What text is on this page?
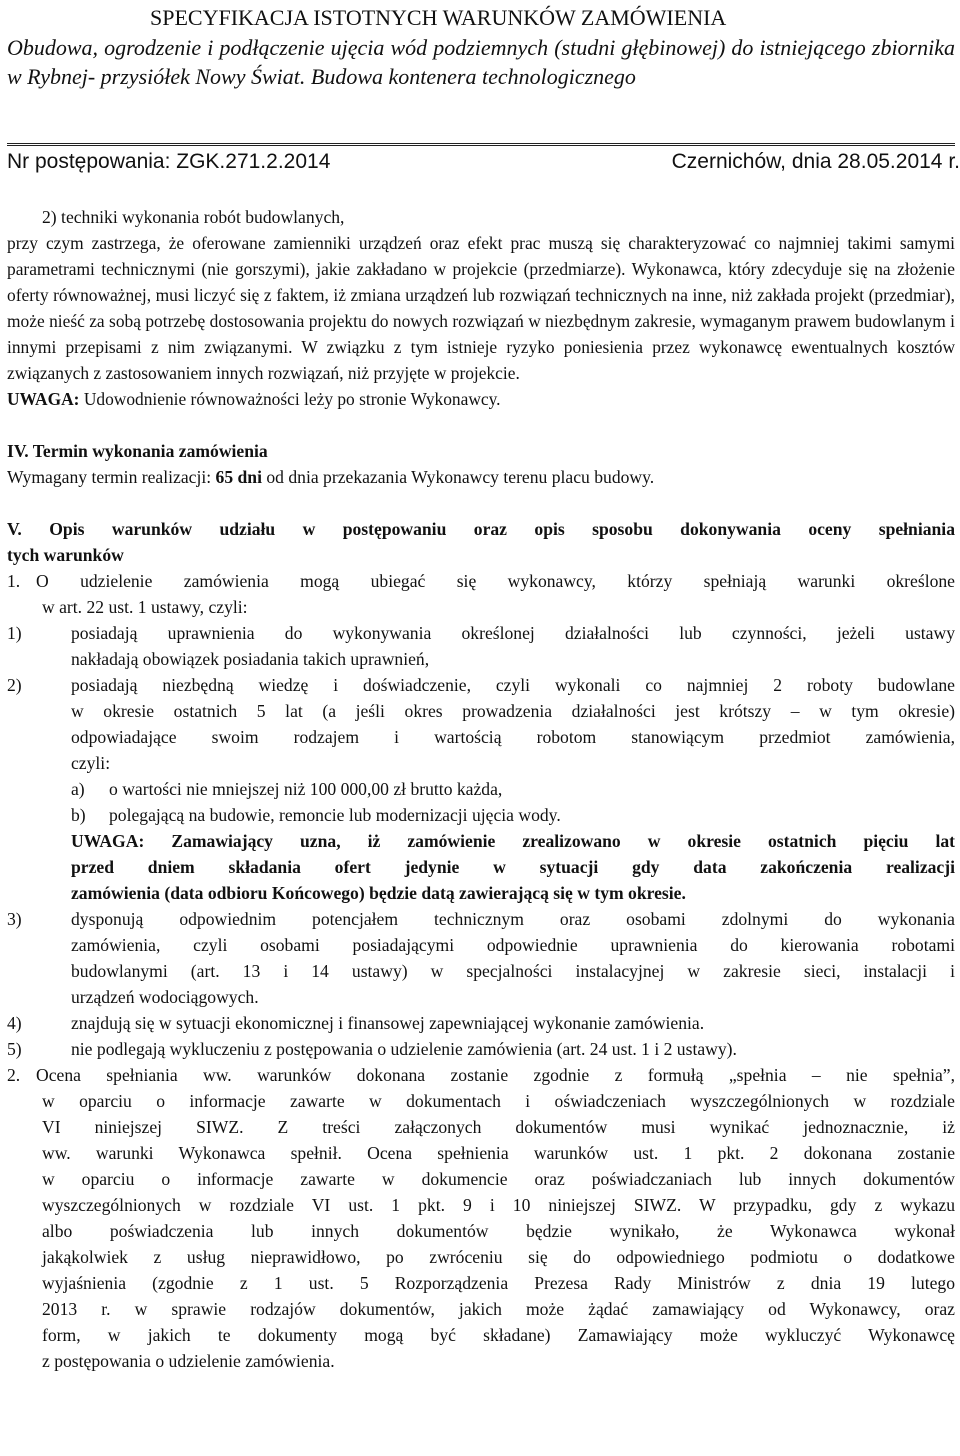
SPECYFIKACJA ISTOTNYCH WARUNKÓW ZAMÓWIENIA
Obudowa, ogrodzenie i podłączenie ujęcia wód podziemnych (studni głębinowej) do istniejącego zbiornika w Rybnej- przysiółek Nowy Świat. Budowa kontenera technologicznego
Nr postępowania: ZGK.271.2.2014	Czernichów, dnia 28.05.2014 r.
2) techniki wykonania robót budowlanych,
przy czym zastrzega, że oferowane zamienniki urządzeń oraz efekt prac muszą się charakteryzować co najmniej takimi samymi parametrami technicznymi (nie gorszymi), jakie zakładano w projekcie (przedmiarze). Wykonawca, który zdecyduje się na złożenie oferty równoważnej, musi liczyć się z faktem, iż zmiana urządzeń lub rozwiązań technicznych na inne, niż zakłada projekt (przedmiar), może nieść za sobą potrzebę dostosowania projektu do nowych rozwiązań w niezbędnym zakresie, wymaganym prawem budowlanym i innymi przepisami z nim związanymi. W związku z tym istnieje ryzyko poniesienia przez wykonawcę ewentualnych kosztów związanych z zastosowaniem innych rozwiązań, niż przyjęte w projekcie.
UWAGA: Udowodnienie równoważności leży po stronie Wykonawcy.
IV. Termin wykonania zamówienia
Wymagany termin realizacji: 65 dni od dnia przekazania Wykonawcy terenu placu budowy.
V. Opis warunków udziału w postępowaniu oraz opis sposobu dokonywania oceny spełniania
tych warunków
1. O udzielenie zamówienia mogą ubiegać się wykonawcy, którzy spełniają warunki określone
w art. 22 ust. 1 ustawy, czyli:
1)	posiadają uprawnienia do wykonywania określonej działalności lub czynności, jeżeli ustawy
nakładają obowiązek posiadania takich uprawnień,
2)	posiadają niezbędną wiedzę i doświadczenie, czyli wykonali co najmniej 2 roboty budowlane
w okresie ostatnich 5 lat (a jeśli okres prowadzenia działalności jest krótszy – w tym okresie)
odpowiadające swoim rodzajem i wartością robotom stanowiącym przedmiot zamówienia,
czyli:
a)	o wartości nie mniejszej niż 100 000,00 zł brutto każda,
b)	polegającą na budowie, remoncie lub modernizacji ujęcia wody.
UWAGA: Zamawiający uzna, iż zamówienie zrealizowano w okresie ostatnich pięciu lat
przed dniem składania ofert jedynie w sytuacji gdy data zakończenia realizacji
zamówienia (data odbioru Końcowego) będzie datą zawierającą się w tym okresie.
3)	dysponują odpowiednim potencjałem technicznym oraz osobami zdolnymi do wykonania
zamówienia, czyli osobami posiadającymi odpowiednie uprawnienia do kierowania robotami
budowlanymi (art. 13 i 14 ustawy) w specjalności instalacyjnej w zakresie sieci, instalacji i
urządzeń wodociągowych.
4)	znajdują się w sytuacji ekonomicznej i finansowej zapewniającej wykonanie zamówienia.
5)	nie podlegają wykluczeniu z postępowania o udzielenie zamówienia (art. 24 ust. 1 i 2 ustawy).
2. Ocena spełniania ww. warunków dokonana zostanie zgodnie z formułą „spełnia – nie spełnia”,
w oparciu o informacje zawarte w dokumentach i oświadczeniach wyszczególnionych w rozdziale
VI niniejszej SIWZ. Z treści załączonych dokumentów musi wynikać jednoznacznie, iż
ww. warunki Wykonawca spełnił. Ocena spełnienia warunków ust. 1 pkt. 2 dokonana zostanie
w oparciu o informacje zawarte w dokumencie oraz poświadczaniach lub innych dokumentów
wyszczególnionych w rozdziale VI ust. 1 pkt. 9 i 10 niniejszej SIWZ. W przypadku, gdy z wykazu
albo poświadczenia lub innych dokumentów będzie wynikało, że Wykonawca wykonał
jakąkolwiek z usług nieprawidłowo, po zwróceniu się do odpowiedniego podmiotu o dodatkowe
wyjaśnienia (zgodnie z 1 ust. 5 Rozporządzenia Prezesa Rady Ministrów z dnia 19 lutego
2013 r. w sprawie rodzajów dokumentów, jakich może żądać zamawiający od Wykonawcy, oraz
form, w jakich te dokumenty mogą być składane) Zamawiający może wykluczyć Wykonawcę
z postępowania o udzielenie zamówienia.
